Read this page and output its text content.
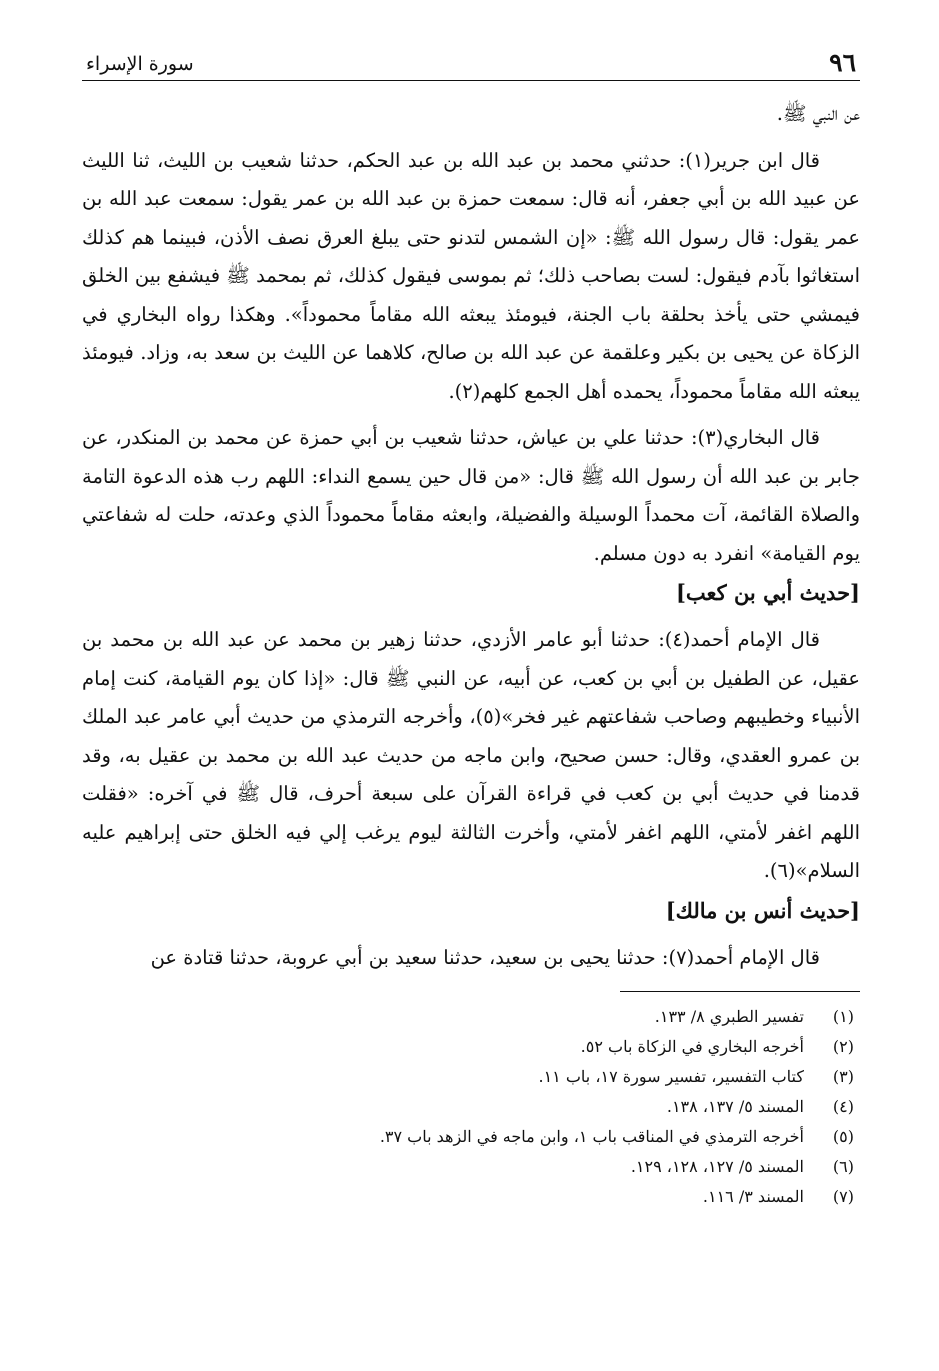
٩٦
سورة الإسراء

عن النبي ﷺ.

قال ابن جرير(١): حدثني محمد بن عبد الله بن عبد الحكم، حدثنا شعيب بن الليث، ثنا الليث عن عبيد الله بن أبي جعفر، أنه قال: سمعت حمزة بن عبد الله بن عمر يقول: سمعت عبد الله بن عمر يقول: قال رسول الله ﷺ: «إن الشمس لتدنو حتى يبلغ العرق نصف الأذن، فبينما هم كذلك استغاثوا بآدم فيقول: لست بصاحب ذلك؛ ثم بموسى فيقول كذلك، ثم بمحمد ﷺ فيشفع بين الخلق فيمشي حتى يأخذ بحلقة باب الجنة، فيومئذ يبعثه الله مقاماً محموداً». وهكذا رواه البخاري في الزكاة عن يحيى بن بكير وعلقمة عن عبد الله بن صالح، كلاهما عن الليث بن سعد به، وزاد. فيومئذ يبعثه الله مقاماً محموداً، يحمده أهل الجمع كلهم(٢).

قال البخاري(٣): حدثنا علي بن عياش، حدثنا شعيب بن أبي حمزة عن محمد بن المنكدر، عن جابر بن عبد الله أن رسول الله ﷺ قال: «من قال حين يسمع النداء: اللهم رب هذه الدعوة التامة والصلاة القائمة، آت محمداً الوسيلة والفضيلة، وابعثه مقاماً محموداً الذي وعدته، حلت له شفاعتي يوم القيامة» انفرد به دون مسلم.

[حديث أبي بن كعب]

قال الإمام أحمد(٤): حدثنا أبو عامر الأزدي، حدثنا زهير بن محمد عن عبد الله بن محمد بن عقيل، عن الطفيل بن أبي بن كعب، عن أبيه، عن النبي ﷺ قال: «إذا كان يوم القيامة، كنت إمام الأنبياء وخطيبهم وصاحب شفاعتهم غير فخر»(٥)، وأخرجه الترمذي من حديث أبي عامر عبد الملك بن عمرو العقدي، وقال: حسن صحيح، وابن ماجه من حديث عبد الله بن محمد بن عقيل به، وقد قدمنا في حديث أبي بن كعب في قراءة القرآن على سبعة أحرف، قال ﷺ في آخره: «فقلت اللهم اغفر لأمتي، اللهم اغفر لأمتي، وأخرت الثالثة ليوم يرغب إلي فيه الخلق حتى إبراهيم عليه السلام»(٦).

[حديث أنس بن مالك]

قال الإمام أحمد(٧): حدثنا يحيى بن سعيد، حدثنا سعيد بن أبي عروبة، حدثنا قتادة عن

(١)
تفسير الطبري ٨/ ١٣٣.
(٢)
أخرجه البخاري في الزكاة باب ٥٢.
(٣)
كتاب التفسير، تفسير سورة ١٧، باب ١١.
(٤)
المسند ٥/ ١٣٧، ١٣٨.
(٥)
أخرجه الترمذي في المناقب باب ١، وابن ماجه في الزهد باب ٣٧.
(٦)
المسند ٥/ ١٢٧، ١٢٨، ١٢٩.
(٧)
المسند ٣/ ١١٦.
